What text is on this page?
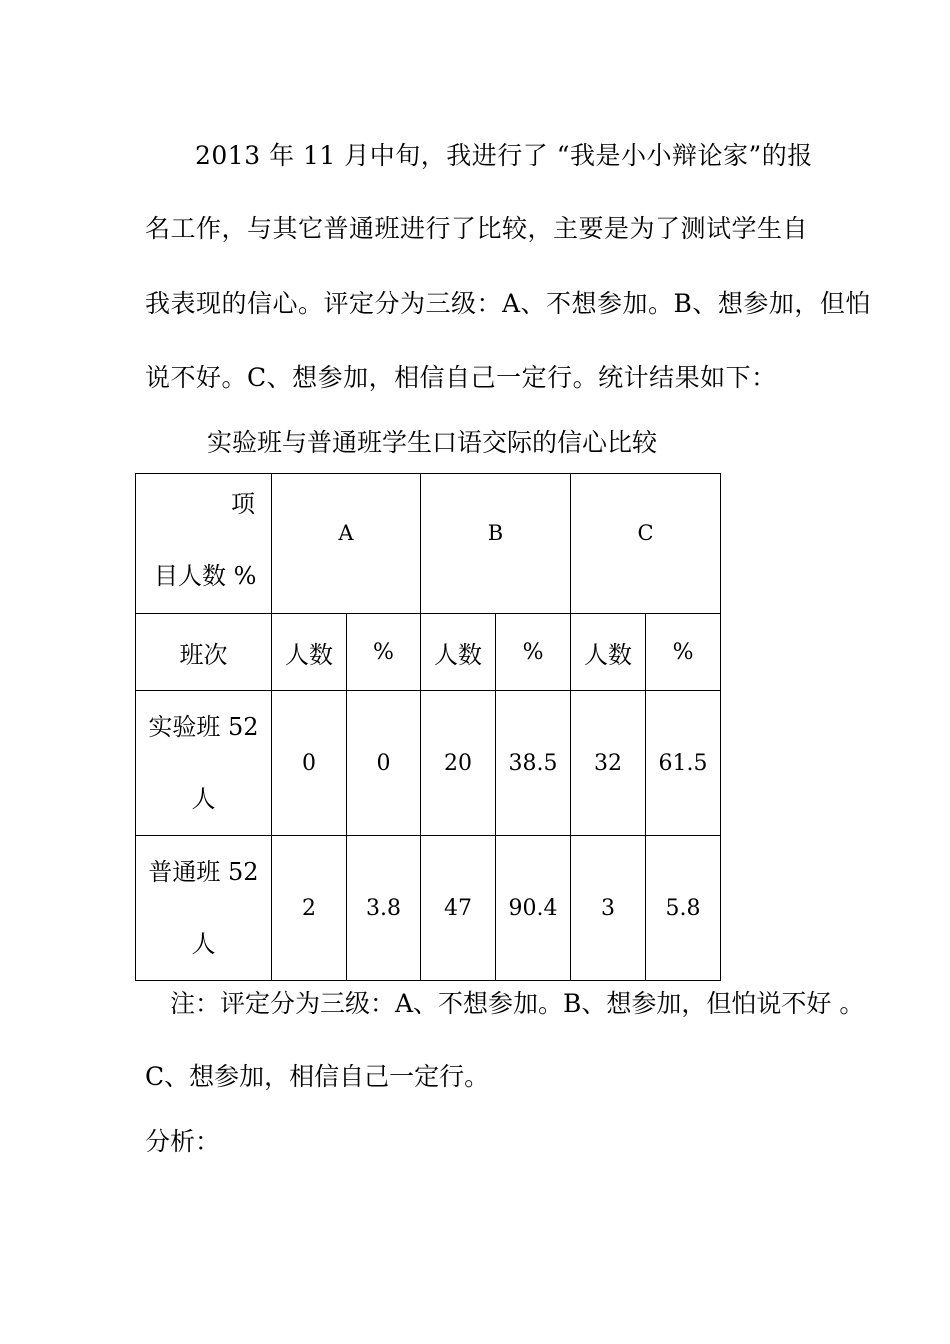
2013 年 11 月中旬，我进行了 “我是小小辩论家”的报
名工作，与其它普通班进行了比较，主要是为了测试学生自
我表现的信心。评定分为三级：A、不想参加。B、想参加，但怕
说不好。C、想参加，相信自己一定行。统计结果如下：
实验班与普通班学生口语交际的信心比较
项
目人数 %	A		B		C	
班次	人数	%	人数	%	人数	%

实验班 52
人	0	0	20	38.5	32	61.5

普通班 52
人	2	3.8	47	90.4	3	5.8
注：评定分为三级：A、不想参加。B、想参加，但怕说不好 。
C、想参加，相信自己一定行。
分析：
